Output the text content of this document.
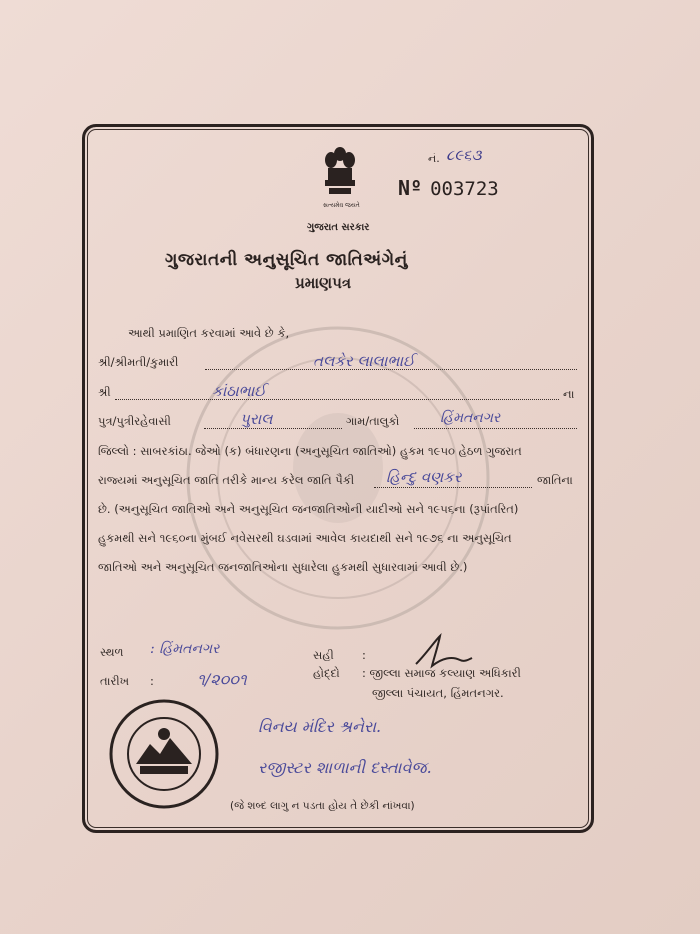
સત્યમેવ જયતે
ગુજરાત સરકાર
નં. ૮૯૬૩
Nº 003723
ગુજરાતની અનુસૂચિત જાતિઅંગેનું
પ્રમાણપત્ર
આથી પ્રમાણિત કરવામાં આવે છે કે,
શ્રી/શ્રીમતી/કુમારી	તલકેર લાલાભાઈ
શ્રી	કાંઠાભાઈ	ના
પુત્ર/પુત્રીરહેવાસી	પુરાલ	ગામ/તાલુકો	હિંમતનગર
જિલ્લો : સાબરકાંઠા. જેઓ (ક) બંધારણના (અનુસૂચિત જાતિઓ) હુકમ ૧૯૫૦ હેઠળ ગુજરાત
રાજ્યમાં અનુસૂચિત જાતિ તરીકે માન્ય કરેલ જાતિ પૈકી હિન્દુ વણકર	જાતિના
છે. (અનુસૂચિત જાતિઓ અને અનુસૂચિત જનજાતિઓની યાદીઓ સને ૧૯૫૬ના (રૂપાંતરિત)
હુકમથી સને ૧૯૬૦ના મુંબઈ નવેસરથી ઘડવામાં આવેલ કાયદાથી સને ૧૯૭૬ ના અનુસૂચિત
જાતિઓ અને અનુસૂચિત જનજાતિઓના સુધારેલા હુકમથી સુધારવામાં આવી છે.)
સ્થળ : હિંમતનગર
તારીખ :	૧/૨૦૦૧
સહી :
હોદ્દો : જીલ્લા સમાજ કલ્યાણ અધિકારી
જીલ્લા પંચાયત, હિંમતનગર.
વિનય મંદિર શ્રનેરા.
રજીસ્ટર શાળાની દસ્તાવેજ.
(જે શબ્દ લાગુ ન પડતા હોય તે છેકી નાંખવા)
